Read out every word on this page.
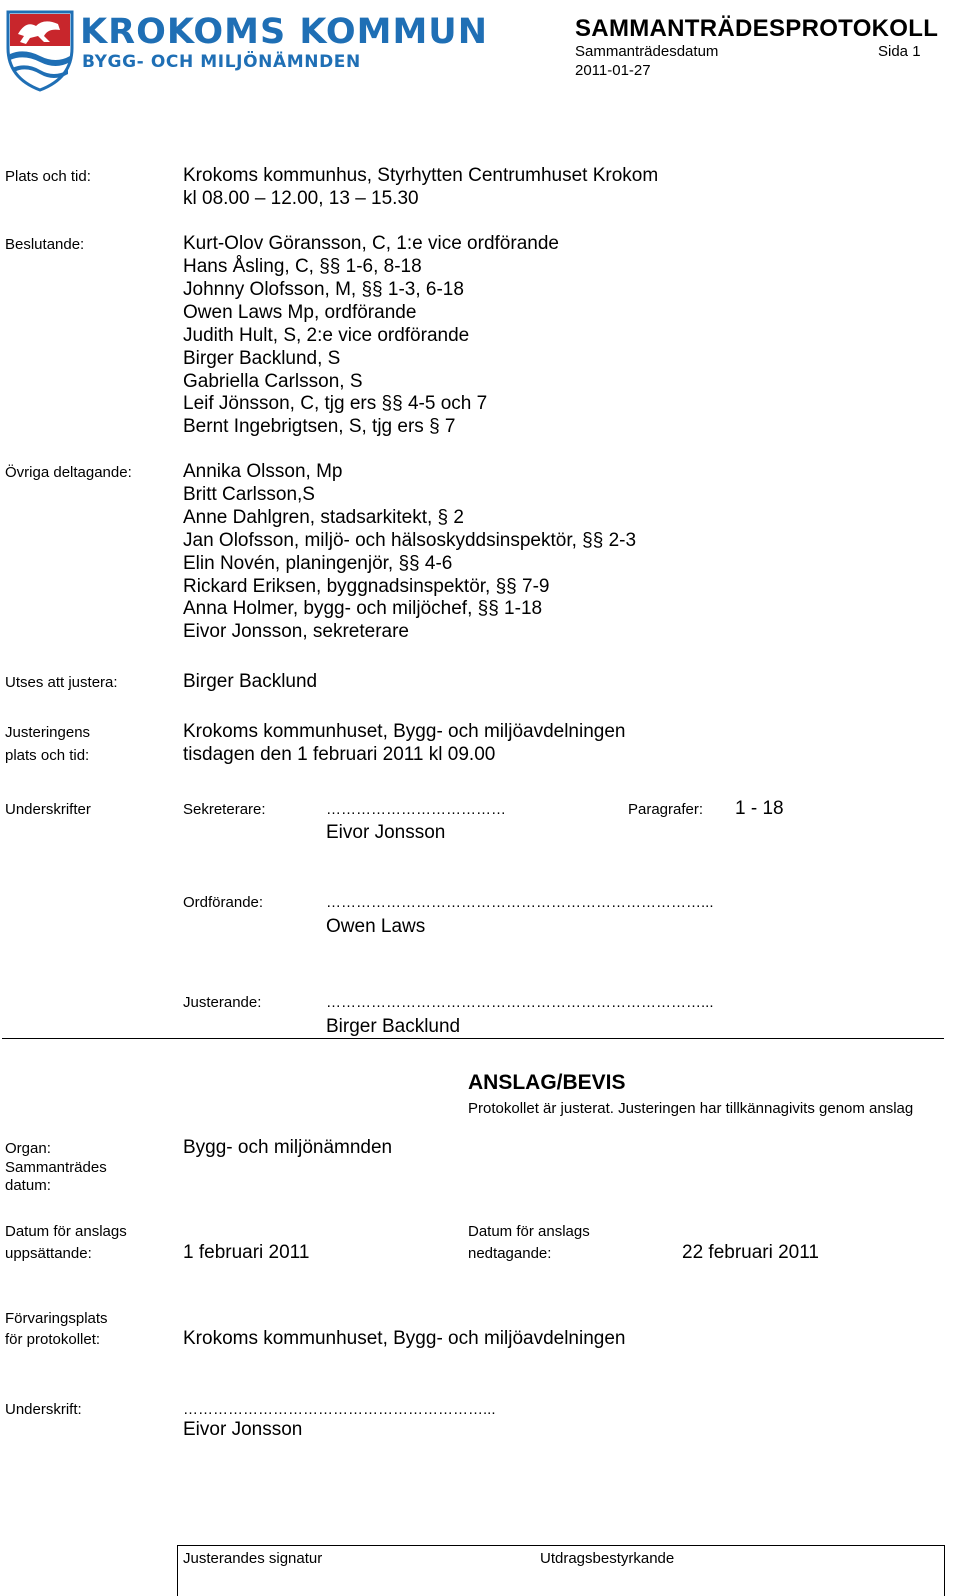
KROKOMS KOMMUN
BYGG- OCH MILJÖNÄMNDEN
SAMMANTRÄDESPROTOKOLL
Sammanträdesdatum	Sida 1
2011-01-27
Plats och tid:	Krokoms kommunhus, Styrhytten Centrumhuset Krokom
kl 08.00 – 12.00, 13 – 15.30
Beslutande:	Kurt-Olov Göransson, C, 1:e vice ordförande
Hans Åsling, C, §§ 1-6, 8-18
Johnny Olofsson, M, §§ 1-3, 6-18
Owen Laws Mp, ordförande
Judith Hult, S, 2:e vice ordförande
Birger Backlund, S
Gabriella Carlsson, S
Leif Jönsson, C, tjg ers §§ 4-5 och 7
Bernt Ingebrigtsen, S, tjg ers § 7
Övriga deltagande:	Annika Olsson, Mp
Britt Carlsson,S
Anne Dahlgren, stadsarkitekt, § 2
Jan Olofsson, miljö- och hälsoskyddsinspektör, §§ 2-3
Elin Novén, planingenjör, §§ 4-6
Rickard Eriksen, byggnadsinspektör, §§ 7-9
Anna Holmer, bygg- och miljöchef, §§ 1-18
Eivor Jonsson, sekreterare
Utses att justera:	Birger Backlund
Justeringens
plats och tid:
Krokoms kommunhuset, Bygg- och miljöavdelningen
tisdagen den 1 februari 2011 kl 09.00
Underskrifter	Sekreterare:	………………………………	Paragrafer: 1 - 18
Eivor Jonsson
Ordförande:	…………………………………………………………………...
Owen Laws
Justerande:	…………………………………………………………………...
Birger Backlund
ANSLAG/BEVIS
Protokollet är justerat. Justeringen har tillkännagivits genom anslag
Organ:	Bygg- och miljönämnden
Sammanträdes
datum:
Datum för anslags
uppsättande:	1 februari 2011
Datum för anslags
nedtagande:	22 februari 2011
Förvaringsplats
för protokollet:	Krokoms kommunhuset, Bygg- och miljöavdelningen
Underskrift:	……………………………………………………...
Eivor Jonsson
Justerandes signatur	Utdragsbestyrkande
